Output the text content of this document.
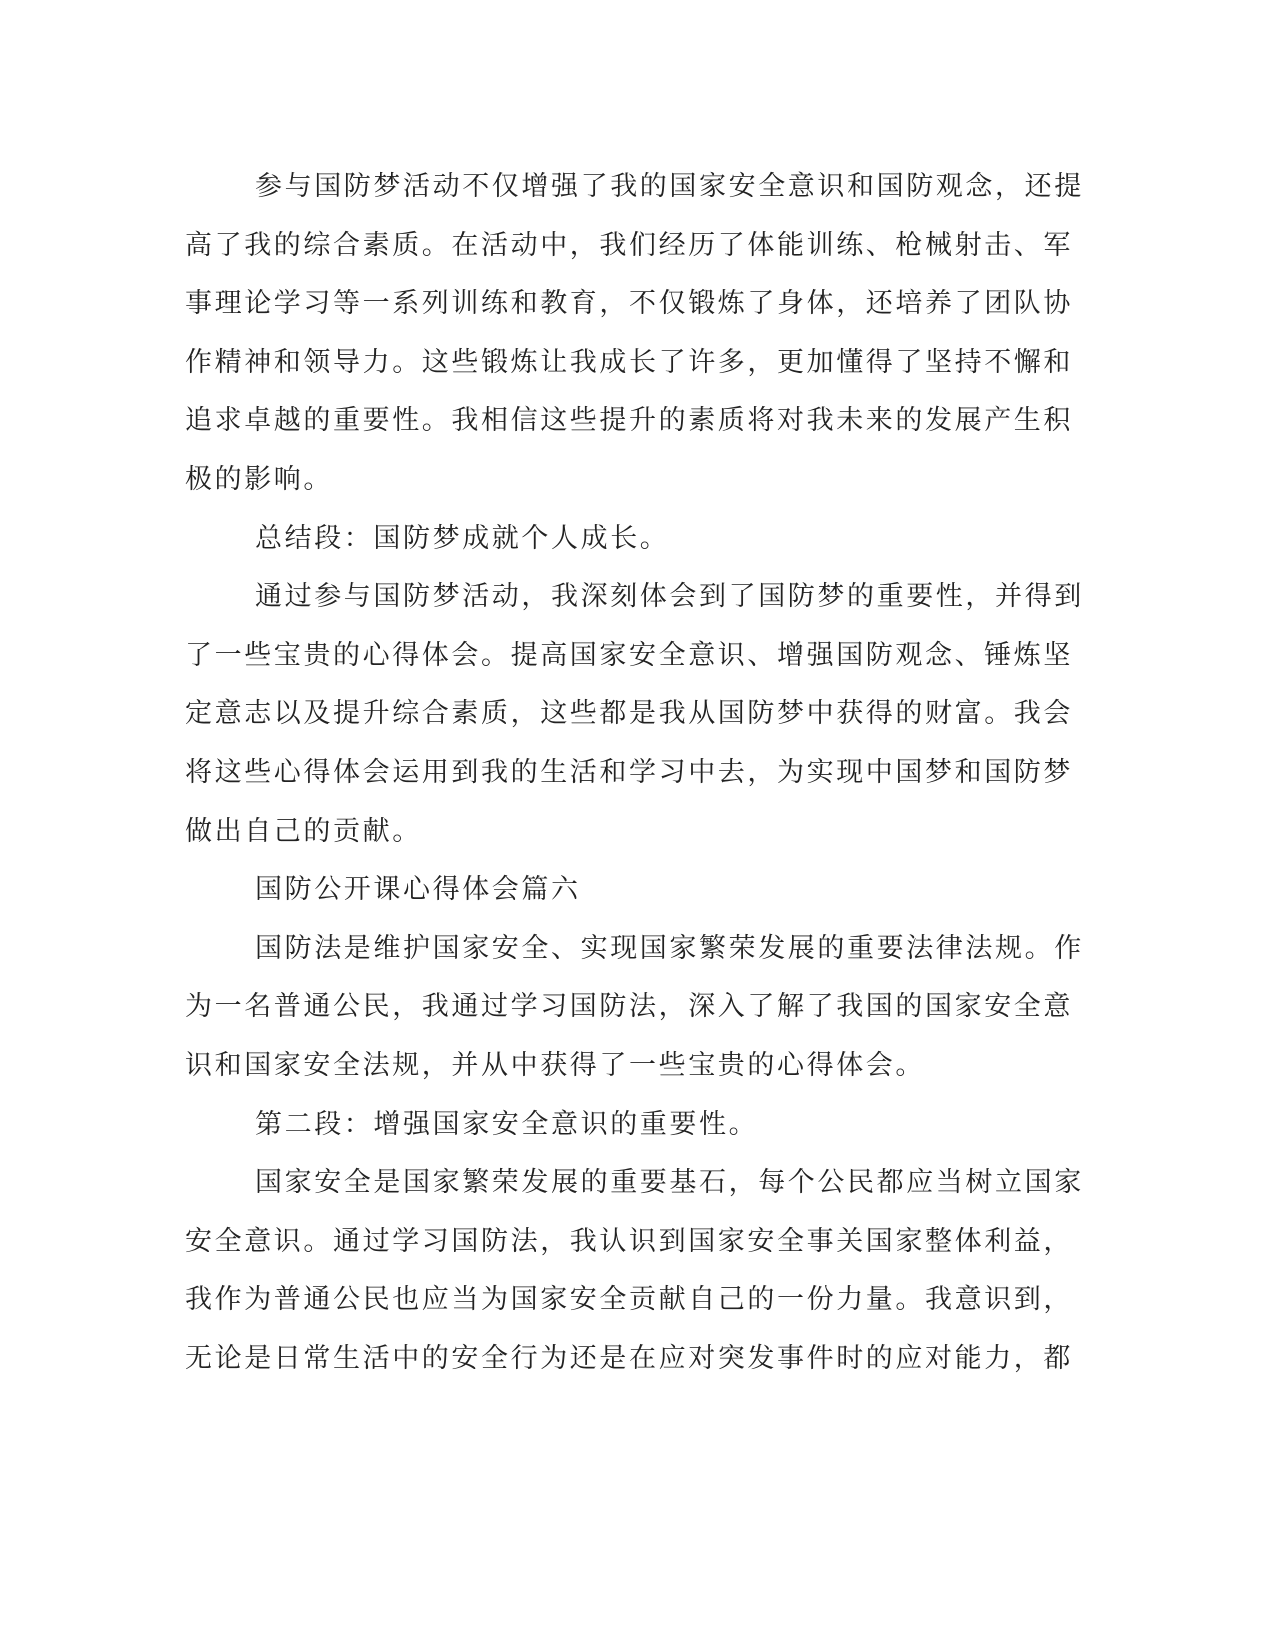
参与国防梦活动不仅增强了我的国家安全意识和国防观念，还提
高了我的综合素质。在活动中，我们经历了体能训练、枪械射击、军
事理论学习等一系列训练和教育，不仅锻炼了身体，还培养了团队协
作精神和领导力。这些锻炼让我成长了许多，更加懂得了坚持不懈和
追求卓越的重要性。我相信这些提升的素质将对我未来的发展产生积
极的影响。
总结段：国防梦成就个人成长。
通过参与国防梦活动，我深刻体会到了国防梦的重要性，并得到
了一些宝贵的心得体会。提高国家安全意识、增强国防观念、锤炼坚
定意志以及提升综合素质，这些都是我从国防梦中获得的财富。我会
将这些心得体会运用到我的生活和学习中去，为实现中国梦和国防梦
做出自己的贡献。
国防公开课心得体会篇六
国防法是维护国家安全、实现国家繁荣发展的重要法律法规。作
为一名普通公民，我通过学习国防法，深入了解了我国的国家安全意
识和国家安全法规，并从中获得了一些宝贵的心得体会。
第二段：增强国家安全意识的重要性。
国家安全是国家繁荣发展的重要基石，每个公民都应当树立国家
安全意识。通过学习国防法，我认识到国家安全事关国家整体利益，
我作为普通公民也应当为国家安全贡献自己的一份力量。我意识到，
无论是日常生活中的安全行为还是在应对突发事件时的应对能力，都
